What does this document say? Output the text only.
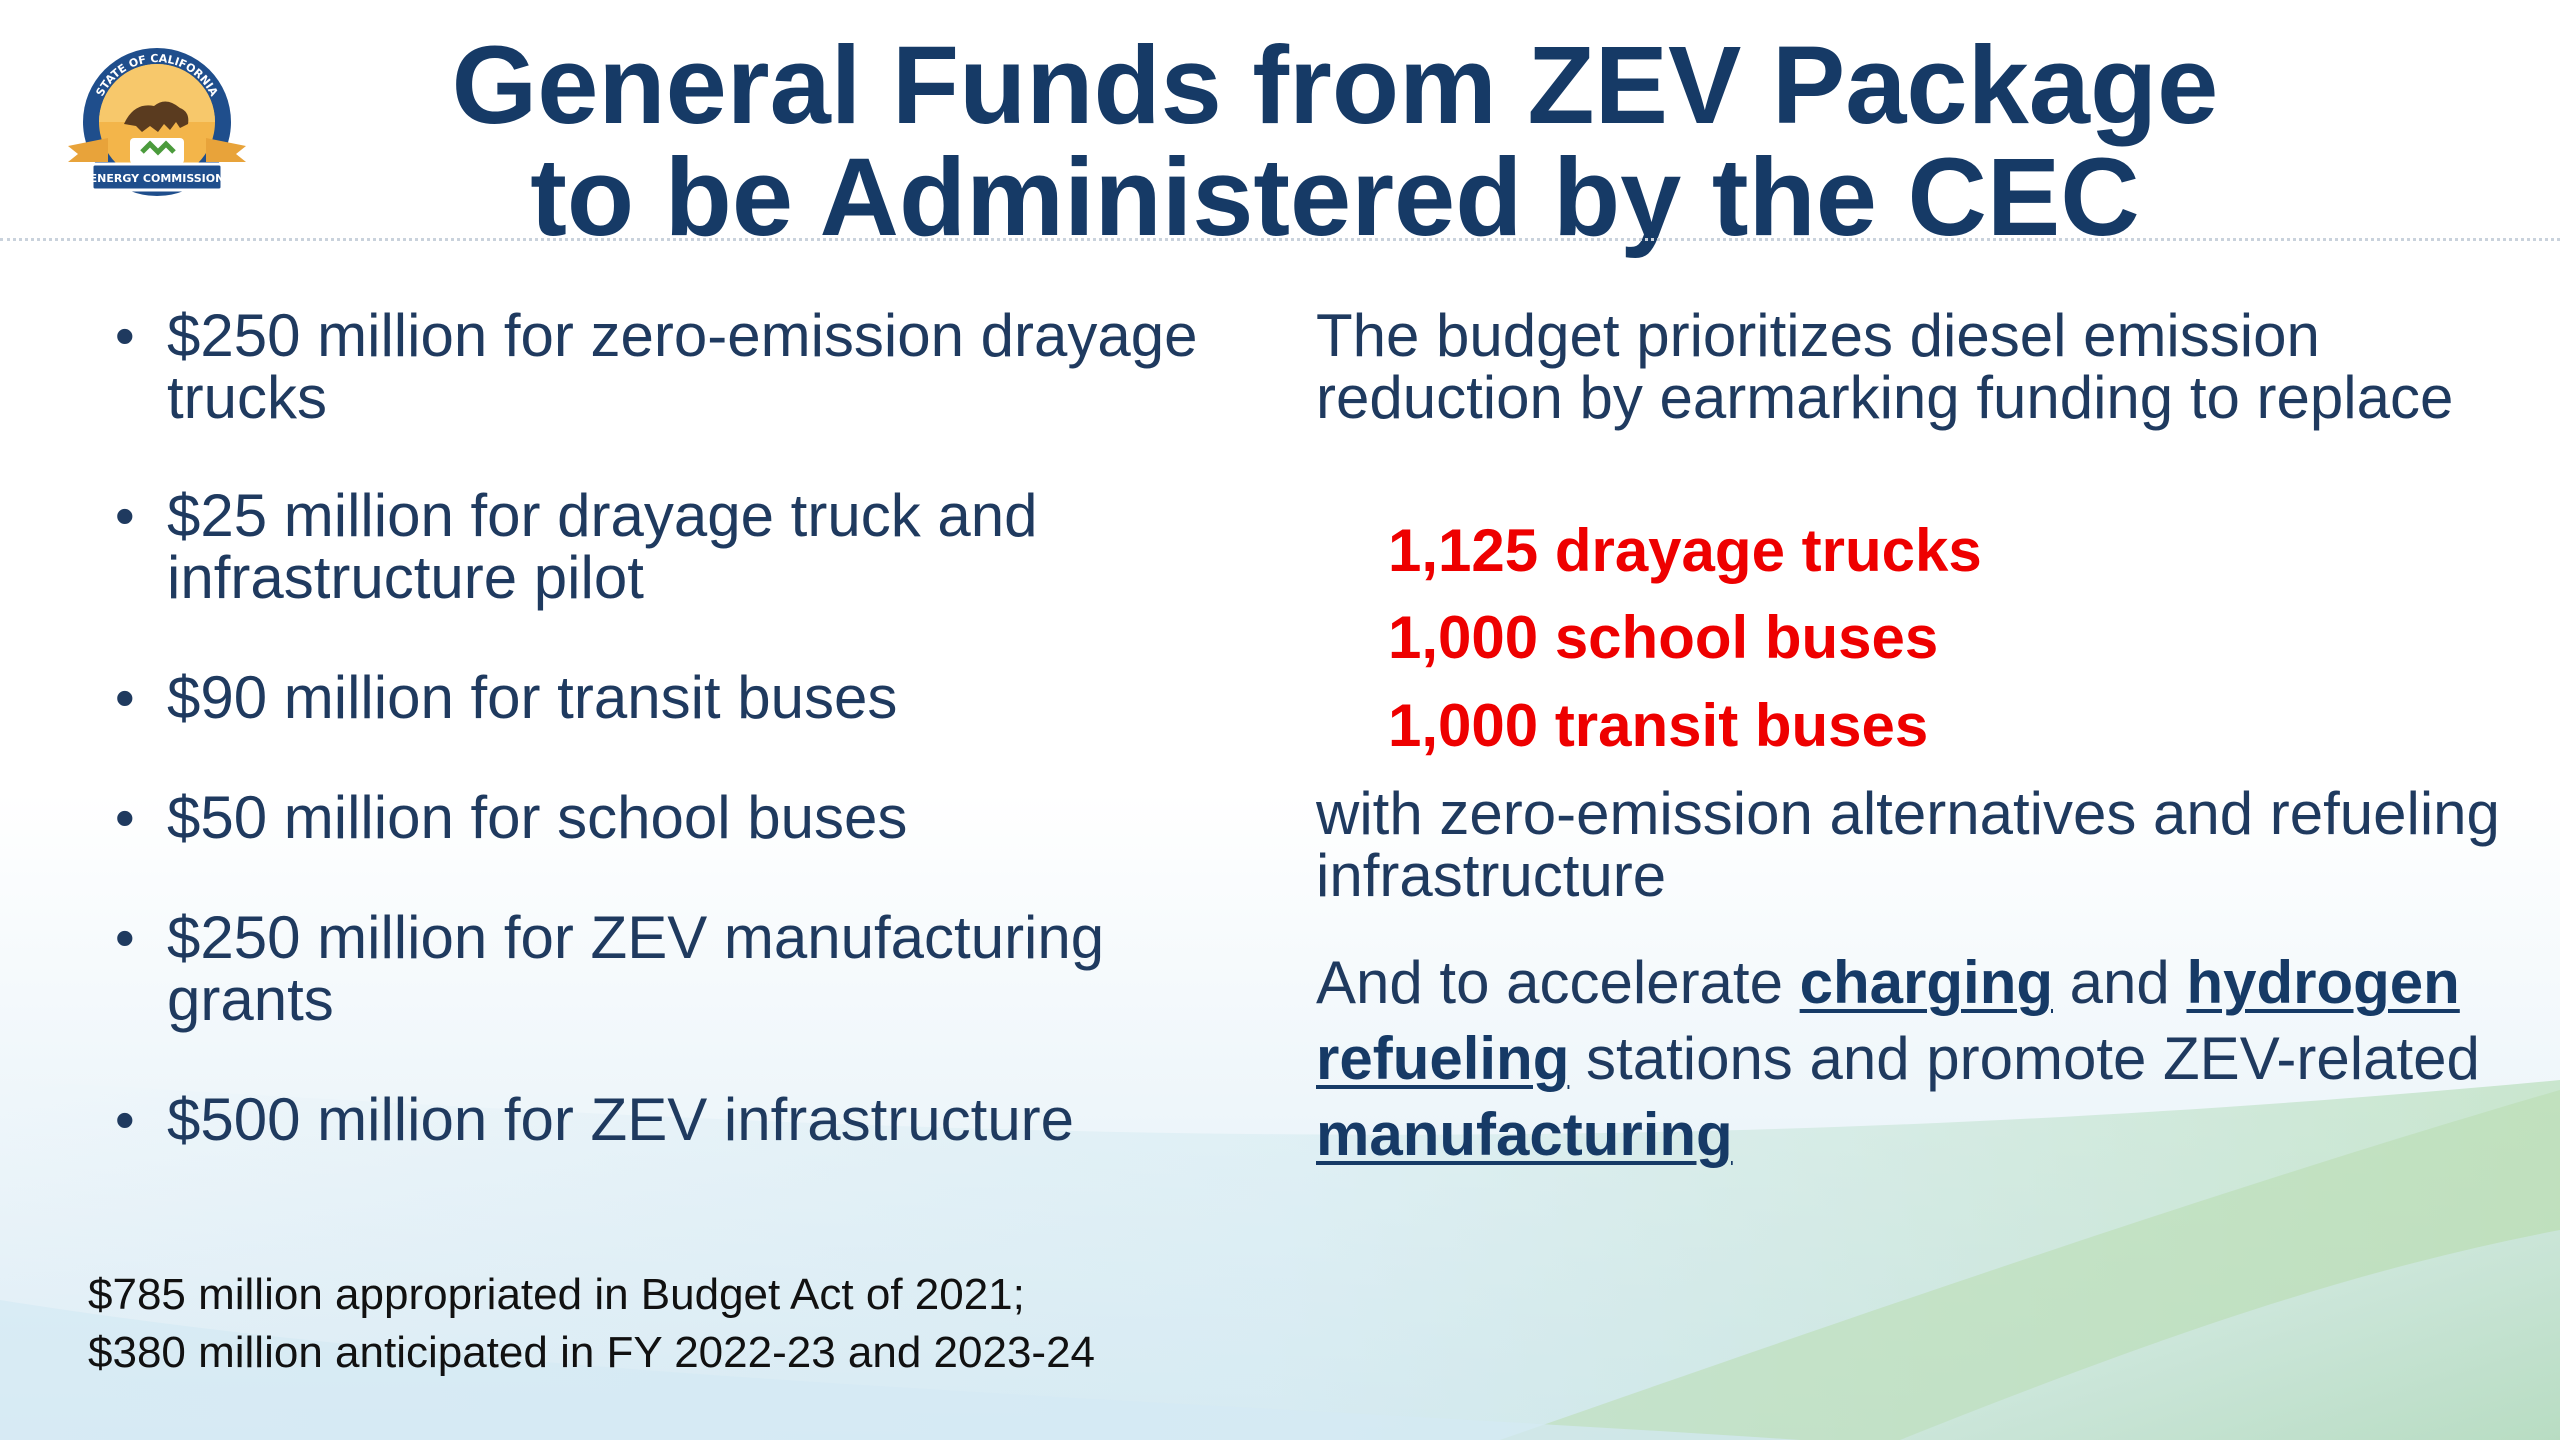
ENERGY COMMISSION
STATE OF CALIFORNIA	General Funds from ZEV Package
to be Administered by the CEC
• $250 million for zero-emission drayage trucks
• $25 million for drayage truck and infrastructure pilot
• $90 million for transit buses
• $50 million for school buses
• $250 million for ZEV manufacturing grants
• $500 million for ZEV infrastructure
The budget prioritizes diesel emission reduction by earmarking funding to replace
1,125 drayage trucks
1,000 school buses
1,000 transit buses
with zero-emission alternatives and refueling infrastructure
And to accelerate charging and hydrogen refueling stations and promote ZEV-related manufacturing
$785 million appropriated in Budget Act of 2021;
$380 million anticipated in FY 2022-23 and 2023-24
